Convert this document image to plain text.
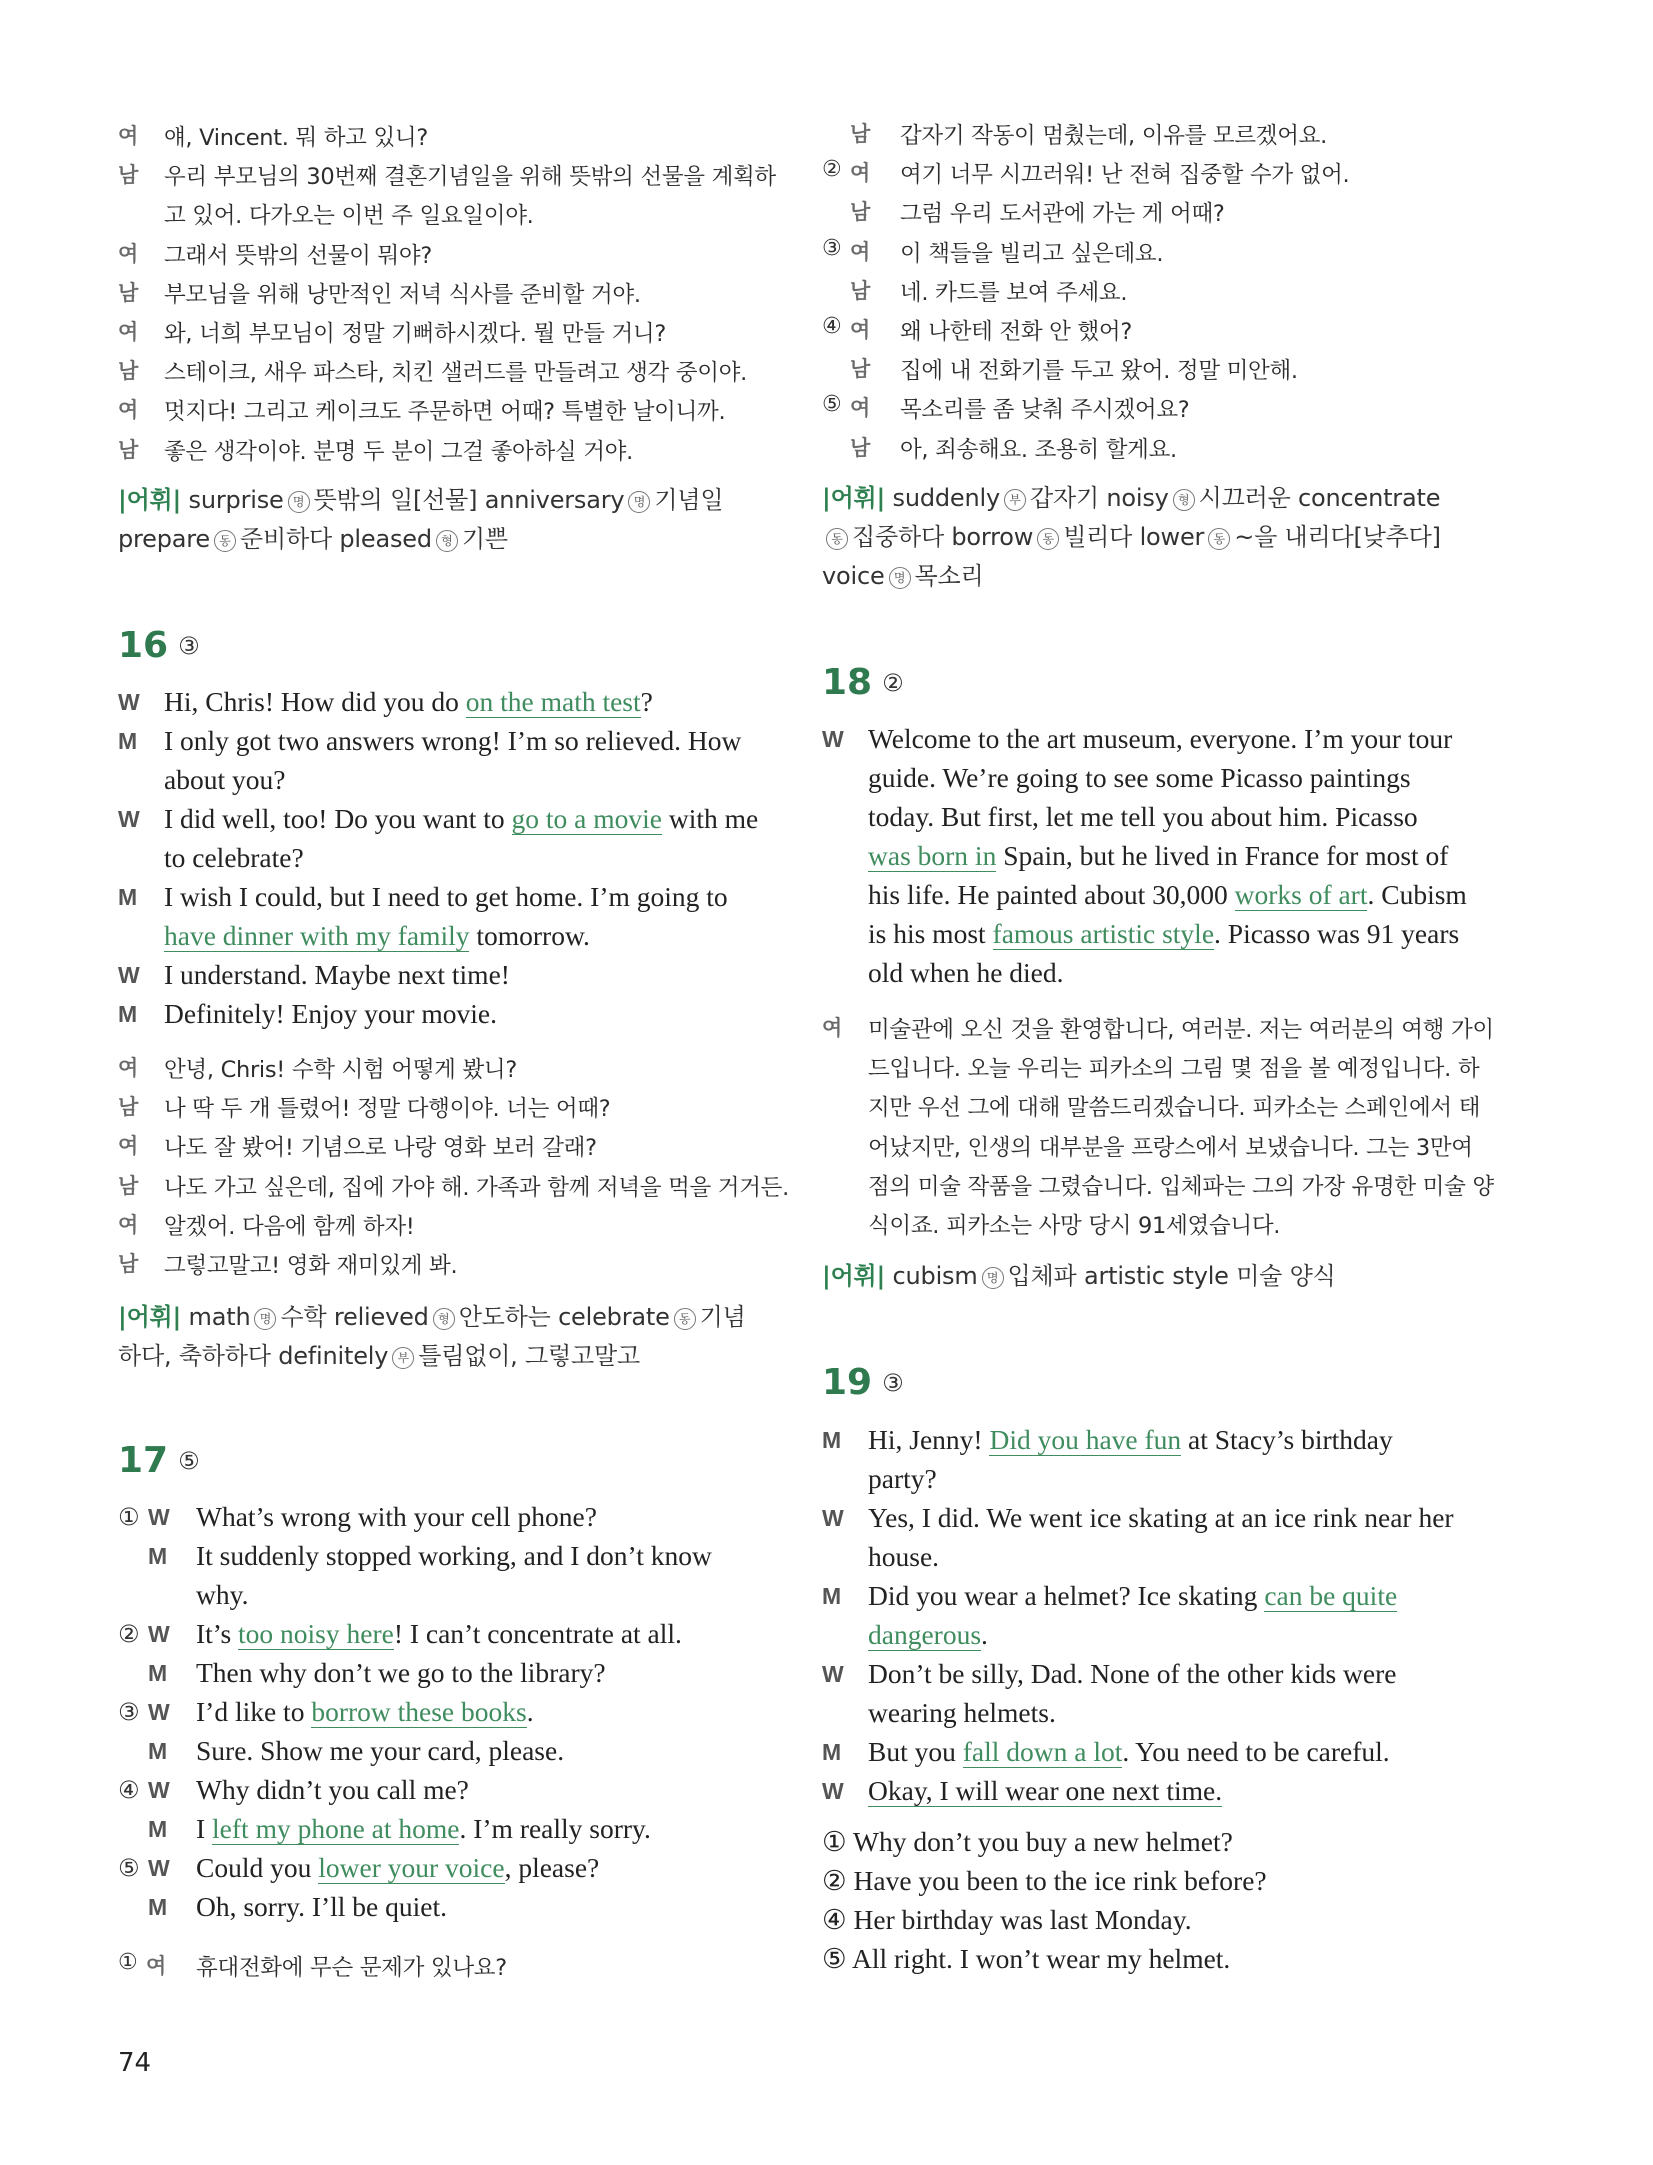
여 얘, Vincent. 뭐 하고 있니?
남 우리 부모님의 30번째 결혼기념일을 위해 뜻밖의 선물을 계획하
고 있어. 다가오는 이번 주 일요일이야.
여 그래서 뜻밖의 선물이 뭐야?
남 부모님을 위해 낭만적인 저녁 식사를 준비할 거야.
여 와, 너희 부모님이 정말 기뻐하시겠다. 뭘 만들 거니?
남 스테이크, 새우 파스타, 치킨 샐러드를 만들려고 생각 중이야.
여 멋지다! 그리고 케이크도 주문하면 어때? 특별한 날이니까.
남 좋은 생각이야. 분명 두 분이 그걸 좋아하실 거야.
|어휘| surprise 명 뜻밖의 일[선물] anniversary 명 기념일
prepare 동 준비하다 pleased 형 기쁜
16 ③
W Hi, Chris! How did you do on the math test?
M I only got two answers wrong! I’m so relieved. How
about you?
W I did well, too! Do you want to go to a movie with me
to celebrate?
M I wish I could, but I need to get home. I’m going to
have dinner with my family tomorrow.
W I understand. Maybe next time!
M Definitely! Enjoy your movie.
여 안녕, Chris! 수학 시험 어떻게 봤니?
남 나 딱 두 개 틀렸어! 정말 다행이야. 너는 어때?
여 나도 잘 봤어! 기념으로 나랑 영화 보러 갈래?
남 나도 가고 싶은데, 집에 가야 해. 가족과 함께 저녁을 먹을 거거든.
여 알겠어. 다음에 함께 하자!
남 그렇고말고! 영화 재미있게 봐.
|어휘| math 명 수학 relieved 형 안도하는 celebrate 동 기념
하다, 축하하다 definitely 부 틀림없이, 그렇고말고
17 ⑤
① W What’s wrong with your cell phone?
M It suddenly stopped working, and I don’t know
why.
② W It’s too noisy here! I can’t concentrate at all.
M Then why don’t we go to the library?
③ W I’d like to borrow these books.
M Sure. Show me your card, please.
④ W Why didn’t you call me?
M I left my phone at home. I’m really sorry.
⑤ W Could you lower your voice, please?
M Oh, sorry. I’ll be quiet.
① 여 휴대전화에 무슨 문제가 있나요?
남 갑자기 작동이 멈췄는데, 이유를 모르겠어요.
② 여 여기 너무 시끄러워! 난 전혀 집중할 수가 없어.
남 그럼 우리 도서관에 가는 게 어때?
③ 여 이 책들을 빌리고 싶은데요.
남 네. 카드를 보여 주세요.
④ 여 왜 나한테 전화 안 했어?
남 집에 내 전화기를 두고 왔어. 정말 미안해.
⑤ 여 목소리를 좀 낮춰 주시겠어요?
남 아, 죄송해요. 조용히 할게요.
|어휘| suddenly 부 갑자기 noisy 형 시끄러운 concentrate
동 집중하다 borrow 동 빌리다 lower 동 ~을 내리다[낮추다]
voice 명 목소리
18 ②
W Welcome to the art museum, everyone. I’m your tour
guide. We’re going to see some Picasso paintings
today. But first, let me tell you about him. Picasso
was born in Spain, but he lived in France for most of
his life. He painted about 30,000 works of art. Cubism
is his most famous artistic style. Picasso was 91 years
old when he died.
여 미술관에 오신 것을 환영합니다, 여러분. 저는 여러분의 여행 가이
드입니다. 오늘 우리는 피카소의 그림 몇 점을 볼 예정입니다. 하
지만 우선 그에 대해 말씀드리겠습니다. 피카소는 스페인에서 태
어났지만, 인생의 대부분을 프랑스에서 보냈습니다. 그는 3만여
점의 미술 작품을 그렸습니다. 입체파는 그의 가장 유명한 미술 양
식이죠. 피카소는 사망 당시 91세였습니다.
|어휘| cubism 명 입체파 artistic style 미술 양식
19 ③
M Hi, Jenny! Did you have fun at Stacy’s birthday
party?
W Yes, I did. We went ice skating at an ice rink near her
house.
M Did you wear a helmet? Ice skating can be quite
dangerous.
W Don’t be silly, Dad. None of the other kids were
wearing helmets.
M But you fall down a lot. You need to be careful.
W Okay, I will wear one next time.
① Why don’t you buy a new helmet?
② Have you been to the ice rink before?
④ Her birthday was last Monday.
⑤ All right. I won’t wear my helmet.
74
